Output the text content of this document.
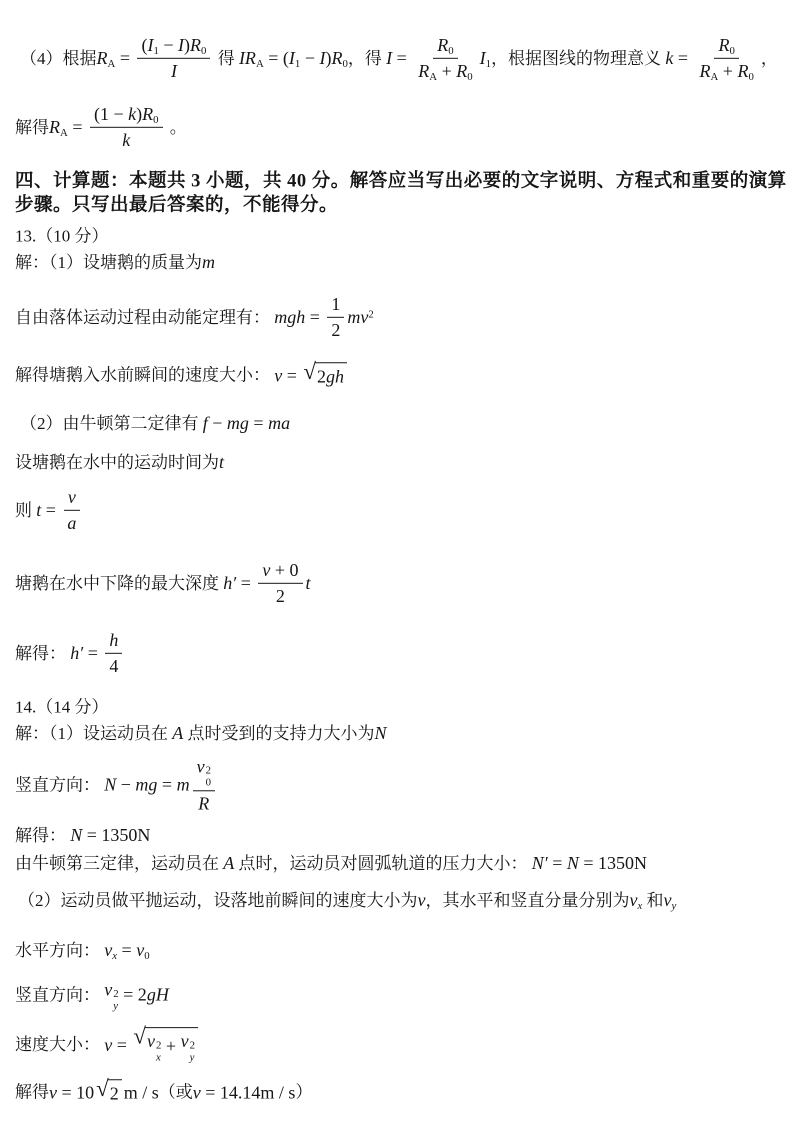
（4）根据 $R_A = \frac{( I_1 - I ) R_0}{I}$ 得 $IR_A$ = ( $I_1 - I$ ) $R_0$ ，得 $I = \frac{R_0}{R_A + R_0} I_1$ ，根据图线的物理意义 $k = \frac{R_0}{R_A + R_0}$ ，
解得 $R_A = \frac{(1 - k ) R_0}{k}$ 。
四、计算题：本题共 3 小题，共 40 分。解答应当写出必要的文字说明、方程式和重要的演算
步骤。只写出最后答案的，不能得分。
13.（10 分）
解：（1）设塘鹅的质量为 m
自由落体运动过程由动能定理有： mgh = $\frac{1}{2} mv^2$
解得塘鹅入水前瞬间的速度大小： v = √ 2 gh
（2）由牛顿第二定律有 f − mg = ma
设塘鹅在水中的运动时间为 t
则 $t = \frac{v}{a}$
塘鹅在水中下降的最大深度 $h' = \frac{v + 0}{2}$ t
解得： $h' = \frac{h}{4}$
14.（14 分）
解：（1）设运动员在 A 点时受到的支持力大小为 N
竖直方向： N − mg = m v 2
0
R
解得： N = 1350N
由牛顿第三定律，运动员在 A 点时，运动员对圆弧轨道的压力大小： N′ = N = 1350N
（2）运动员做平抛运动，设落地前瞬间的速度大小为 v ，其水平和竖直分量分别为 $v_x$ 和 $v_y$
水平方向： $v_x = v_0$
竖直方向： v 2
y
= 2 gH
速度大小： v = √ v 2
x
+ v 2
y
解得 v = 10 √ 2 m / s （或 v = 14.14m / s ）
